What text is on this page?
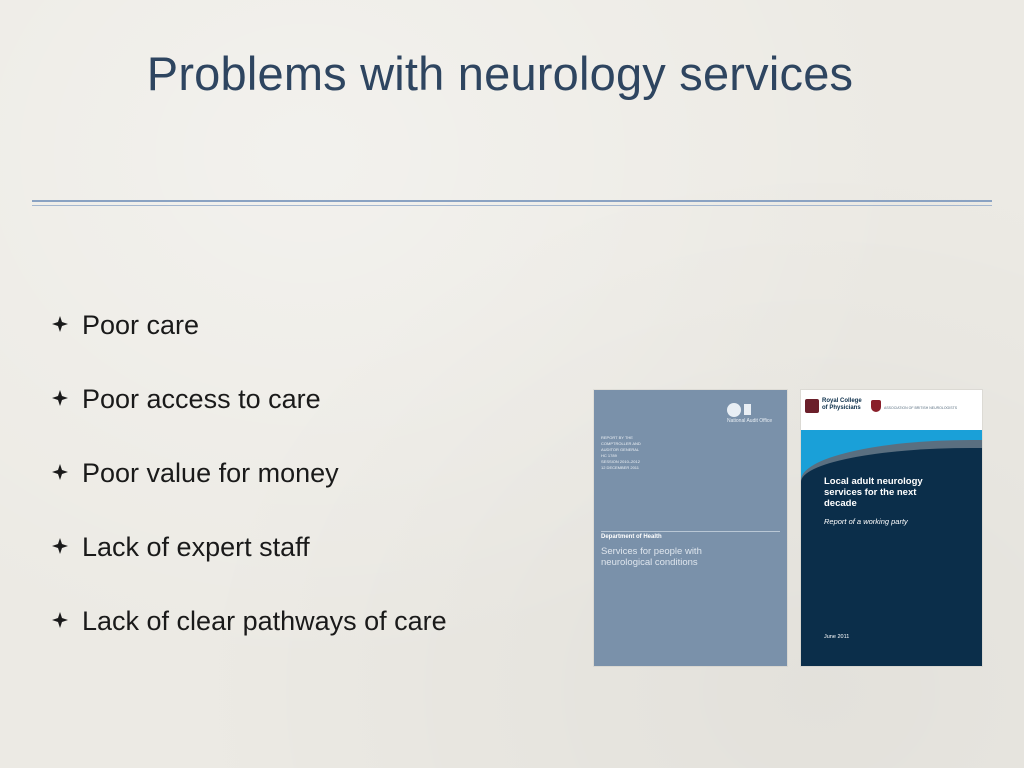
Problems with neurology services
Poor care
Poor access to care
Poor value for money
Lack of expert staff
Lack of clear pathways of care
National Audit Office
REPORT BY THE
COMPTROLLER AND
AUDITOR GENERAL
HC 1789
SESSION 2010–2012
12 DECEMBER 2011
Department of Health
Services for people with neurological conditions
Royal College of Physicians	ASSOCIATION OF BRITISH NEUROLOGISTS
Local adult neurology services for the next decade
Report of a working party
June 2011
